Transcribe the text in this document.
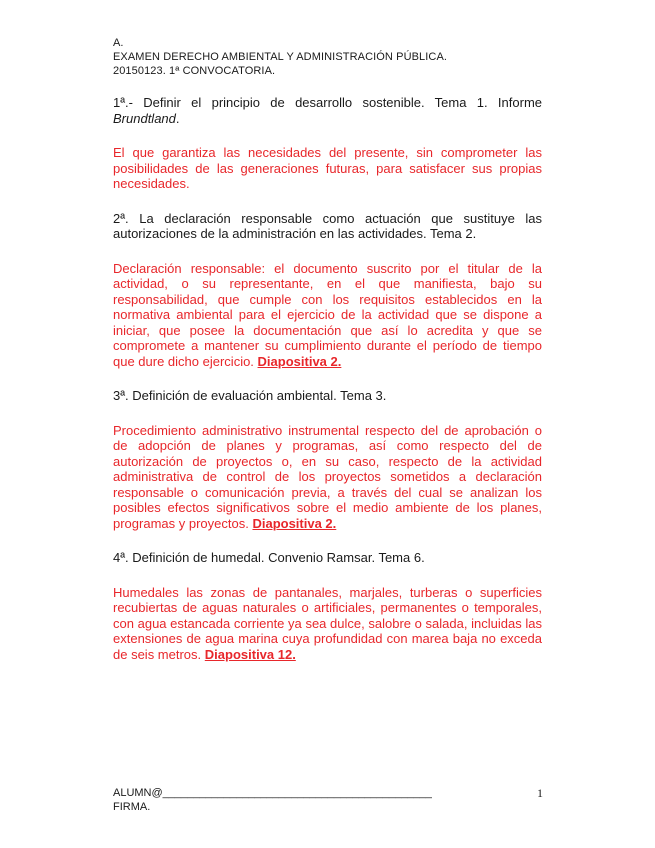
A.
EXAMEN DERECHO AMBIENTAL Y ADMINISTRACIÓN PÚBLICA.
20150123. 1ª CONVOCATORIA.

1ª.- Definir el principio de desarrollo sostenible. Tema 1. Informe Brundtland.

El que garantiza las necesidades del presente, sin comprometer las posibilidades de las generaciones futuras, para satisfacer sus propias necesidades.

2ª. La declaración responsable como actuación que sustituye las autorizaciones de la administración en las actividades. Tema 2.

Declaración responsable: el documento suscrito por el titular de la actividad, o su representante, en el que manifiesta, bajo su responsabilidad, que cumple con los requisitos establecidos en la normativa ambiental para el ejercicio de la actividad que se dispone a iniciar, que posee la documentación que así lo acredita y que se compromete a mantener su cumplimiento durante el período de tiempo que dure dicho ejercicio. Diapositiva 2.

3ª. Definición de evaluación ambiental. Tema 3.

Procedimiento administrativo instrumental respecto del de aprobación o de adopción de planes y programas, así como respecto del de autorización de proyectos o, en su caso, respecto de la actividad administrativa de control de los proyectos sometidos a declaración responsable o comunicación previa, a través del cual se analizan los posibles efectos significativos sobre el medio ambiente de los planes, programas y proyectos. Diapositiva 2.

4ª. Definición de humedal. Convenio Ramsar. Tema 6.

Humedales las zonas de pantanales, marjales, turberas o superficies recubiertas de aguas naturales o artificiales, permanentes o temporales, con agua estancada corriente ya sea dulce, salobre o salada, incluidas las extensiones de agua marina cuya profundidad con marea baja no exceda de seis metros. Diapositiva 12.

ALUMN@____________________________________________	1
FIRMA.
